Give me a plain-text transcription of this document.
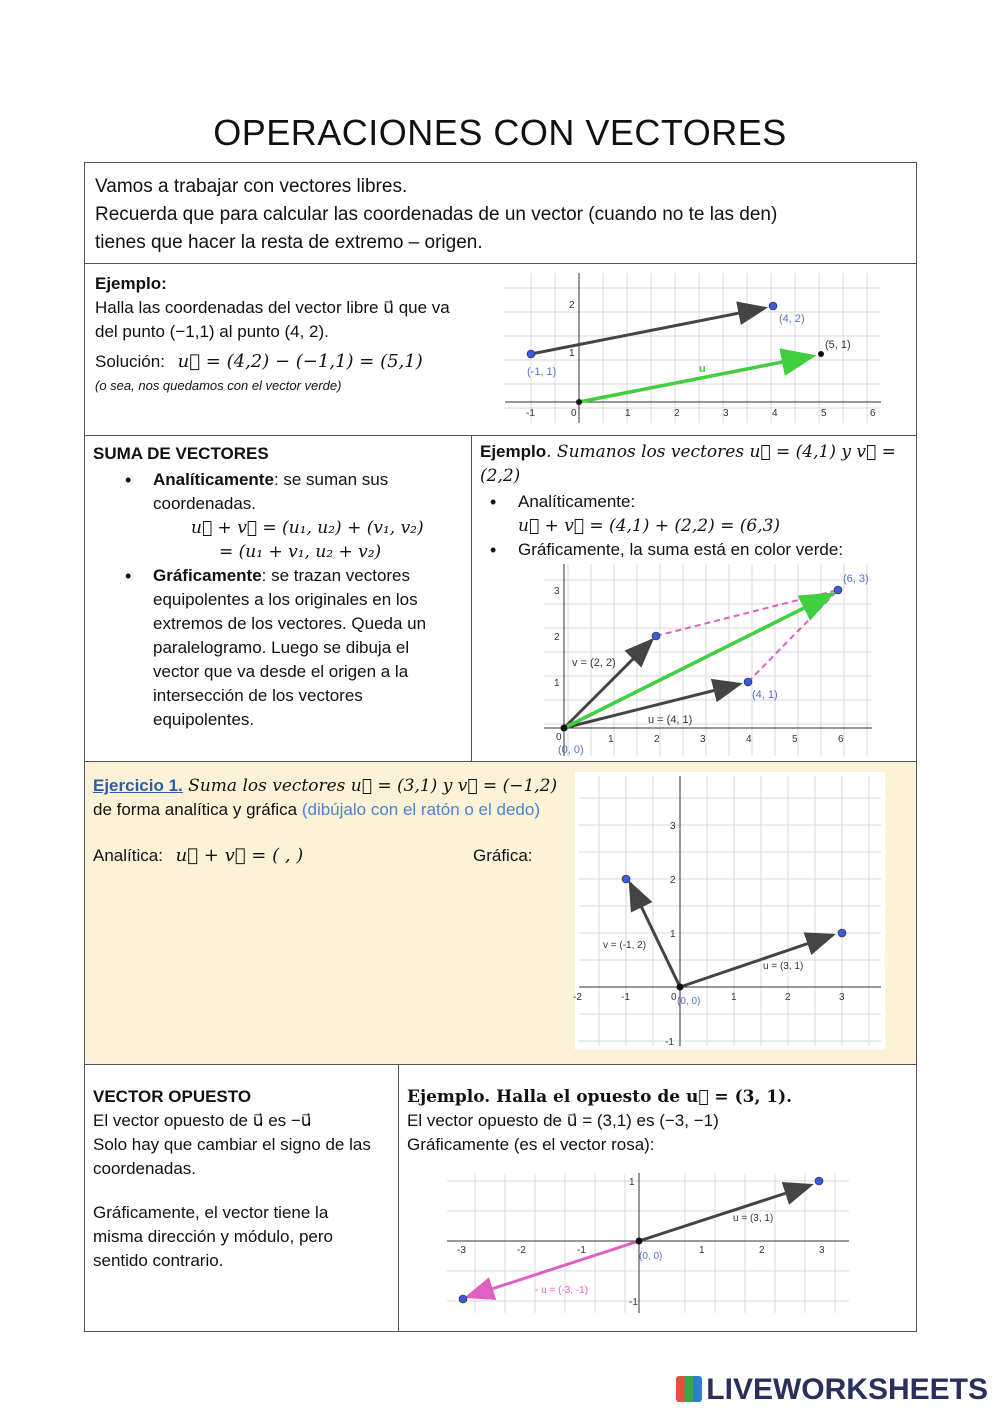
OPERACIONES CON VECTORES
Vamos a trabajar con vectores libres.
Recuerda que para calcular las coordenadas de un vector (cuando no te las den)
tienes que hacer la resta de extremo – origen.
Ejemplo:
Halla las coordenadas del vector libre u⃗ que va
del punto (−1,1) al punto (4, 2).
Solución: u⃗ = (4,2) − (−1,1) = (5,1)
(o sea, nos quedamos con el vector verde)
-1	0	1	2	3	4	5	6
1
2
(4, 2)
(5, 1)
(-1, 1)	u
SUMA DE VECTORES
• Analíticamente: se suman sus
coordenadas.
u⃗ + v⃗ = (u₁, u₂) + (v₁, v₂)
= (u₁ + v₁, u₂ + v₂)
• Gráficamente: se trazan vectores
equipolentes a los originales en los
extremos de los vectores. Queda un
paralelogramo. Luego se dibuja el
vector que va desde el origen a la
intersección de los vectores
equipolentes.
Ejemplo. Sumanos los vectores u⃗ = (4,1) y v⃗ =
(2,2)
• Analíticamente:
u⃗ + v⃗ = (4,1) + (2,2) = (6,3)
• Gráficamente, la suma está en color verde:
0	1	2	3	4	5	6
1
2
3
(6, 3)
v = (2, 2)
u = (4, 1)
(4, 1)
(0, 0)
Ejercicio 1. Suma los vectores u⃗ = (3,1) y v⃗ = (−1,2)
de forma analítica y gráfica (dibújalo con el ratón o el dedo)
Analítica: u⃗ + v⃗ = ( , )	Gráfica:
-2	-1	0	1	2	3
-1
1
2
3
v = (-1, 2)
u = (3, 1)
(0, 0)
VECTOR OPUESTO
El vector opuesto de u⃗ es −u⃗
Solo hay que cambiar el signo de las
coordenadas.
Gráficamente, el vector tiene la
misma dirección y módulo, pero
sentido contrario.
Ejemplo. Halla el opuesto de u⃗ = (3, 1).
El vector opuesto de u⃗ = (3,1) es (−3, −1)
Gráficamente (es el vector rosa):
-3	-2	-1	1	2	3
1
-1
u = (3, 1)
- u = (-3, -1)
(0, 0)
LIVEWORKSHEETS
